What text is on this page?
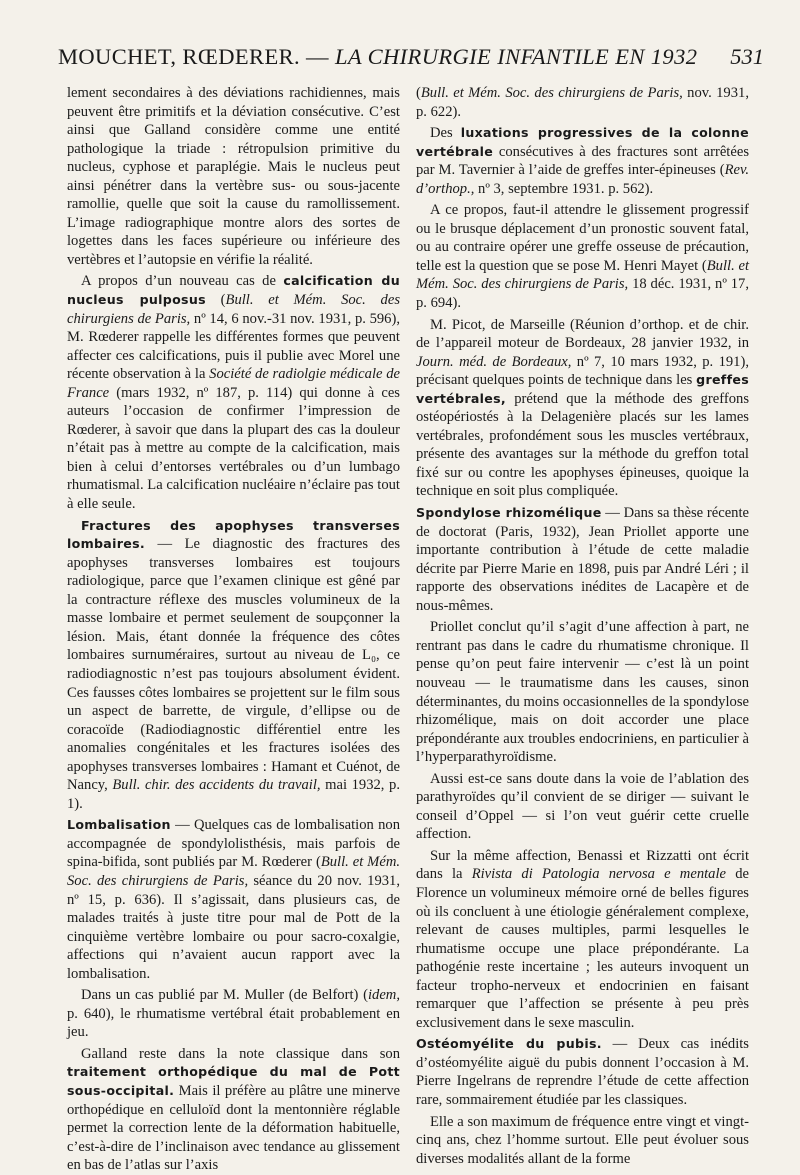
MOUCHET, RŒDERER. — LA CHIRURGIE INFANTILE EN 1932 531

lement secondaires à des déviations rachidiennes, mais peuvent être primitifs et la déviation consécutive. C’est ainsi que Galland considère comme une entité pathologique la triade : rétropulsion primitive du nucleus, cyphose et paraplégie. Mais le nucleus peut ainsi pénétrer dans la vertèbre sus- ou sous-jacente ramollie, quelle que soit la cause du ramollissement. L’image radiographique montre alors des sortes de logettes dans les faces supérieure ou inférieure des vertèbres et l’autopsie en vérifie la réalité.

A propos d’un nouveau cas de calcification du nucleus pulposus (Bull. et Mém. Soc. des chirurgiens de Paris, nº 14, 6 nov.-31 nov. 1931, p. 596), M. Rœderer rappelle les différentes formes que peuvent affecter ces calcifications, puis il publie avec Morel une récente observation à la Société de radiolgie médicale de France (mars 1932, nº 187, p. 114) qui donne à ces auteurs l’occasion de confirmer l’impression de Rœderer, à savoir que dans la plupart des cas la douleur n’était pas à mettre au compte de la calcification, mais bien à celui d’entorses vertébrales ou d’un lumbago rhumatismal. La calcification nucléaire n’éclaire pas tout à elle seule.

Fractures des apophyses transverses lombaires. — Le diagnostic des fractures des apophyses transverses lombaires est toujours radiologique, parce que l’examen clinique est gêné par la contracture réflexe des muscles volumineux de la masse lombaire et permet seulement de soupçonner la lésion. Mais, étant donnée la fréquence des côtes lombaires surnuméraires, surtout au niveau de L₀, ce radiodiagnostic n’est pas toujours absolument évident. Ces fausses côtes lombaires se projettent sur le film sous un aspect de barrette, de virgule, d’ellipse ou de coracoïde (Radiodiagnostic différentiel entre les anomalies congénitales et les fractures isolées des apophyses transverses lombaires : Hamant et Cuénot, de Nancy, Bull. chir. des accidents du travail, mai 1932, p. 1).

Lombalisation — Quelques cas de lombalisation non accompagnée de spondylolisthésis, mais parfois de spina-bifida, sont publiés par M. Rœderer (Bull. et Mém. Soc. des chirurgiens de Paris, séance du 20 nov. 1931, nº 15, p. 636). Il s’agissait, dans plusieurs cas, de malades traités à juste titre pour mal de Pott de la cinquième vertèbre lombaire ou pour sacro-coxalgie, affections qui n’avaient aucun rapport avec la lombalisation.

Dans un cas publié par M. Muller (de Belfort) (idem, p. 640), le rhumatisme vertébral était probablement en jeu.

Galland reste dans la note classique dans son traitement orthopédique du mal de Pott sous-occipital. Mais il préfère au plâtre une minerve orthopédique en celluloïd dont la mentonnière réglable permet la correction lente de la déformation habituelle, c’est-à-dire de l’inclinaison avec tendance au glissement en bas de l’atlas sur l’axis

(Bull. et Mém. Soc. des chirurgiens de Paris, nov. 1931, p. 622).

Des luxations progressives de la colonne vertébrale consécutives à des fractures sont arrêtées par M. Tavernier à l’aide de greffes inter-épineuses (Rev. d’orthop., nº 3, septembre 1931. p. 562).

A ce propos, faut-il attendre le glissement progressif ou le brusque déplacement d’un pronostic souvent fatal, ou au contraire opérer une greffe osseuse de précaution, telle est la question que se pose M. Henri Mayet (Bull. et Mém. Soc. des chirurgiens de Paris, 18 déc. 1931, nº 17, p. 694).

M. Picot, de Marseille (Réunion d’orthop. et de chir. de l’appareil moteur de Bordeaux, 28 janvier 1932, in Journ. méd. de Bordeaux, nº 7, 10 mars 1932, p. 191), précisant quelques points de technique dans les greffes vertébrales, prétend que la méthode des greffons ostéopériostés à la Delagenière placés sur les lames vertébrales, profondément sous les muscles vertébraux, présente des avantages sur la méthode du greffon total fixé sur ou contre les apophyses épineuses, quoique la technique en soit plus compliquée.

Spondylose rhizomélique — Dans sa thèse récente de doctorat (Paris, 1932), Jean Priollet apporte une importante contribution à l’étude de cette maladie décrite par Pierre Marie en 1898, puis par André Léri ; il rapporte des observations inédites de Lacapère et de nous-mêmes.

Priollet conclut qu’il s’agit d’une affection à part, ne rentrant pas dans le cadre du rhumatisme chronique. Il pense qu’on peut faire intervenir — c’est là un point nouveau — le traumatisme dans les causes, sinon déterminantes, du moins occasionnelles de la spondylose rhizomélique, mais on doit accorder une place prépondérante aux troubles endocriniens, en particulier à l’hyperparathyroïdisme.

Aussi est-ce sans doute dans la voie de l’ablation des parathyroïdes qu’il convient de se diriger — suivant le conseil d’Oppel — si l’on veut guérir cette cruelle affection.

Sur la même affection, Benassi et Rizzatti ont écrit dans la Rivista di Patologia nervosa e mentale de Florence un volumineux mémoire orné de belles figures où ils concluent à une étiologie généralement complexe, relevant de causes multiples, parmi lesquelles le rhumatisme occupe une place prépondérante. La pathogénie reste incertaine ; les auteurs invoquent un facteur tropho-nerveux et endocrinien en faisant remarquer que l’affection se présente à peu près exclusivement dans le sexe masculin.

Ostéomyélite du pubis. — Deux cas inédits d’ostéomyélite aiguë du pubis donnent l’occasion à M. Pierre Ingelrans de reprendre l’étude de cette affection rare, sommairement étudiée par les classiques.

Elle a son maximum de fréquence entre vingt et vingt-cinq ans, chez l’homme surtout. Elle peut évoluer sous diverses modalités allant de la forme
